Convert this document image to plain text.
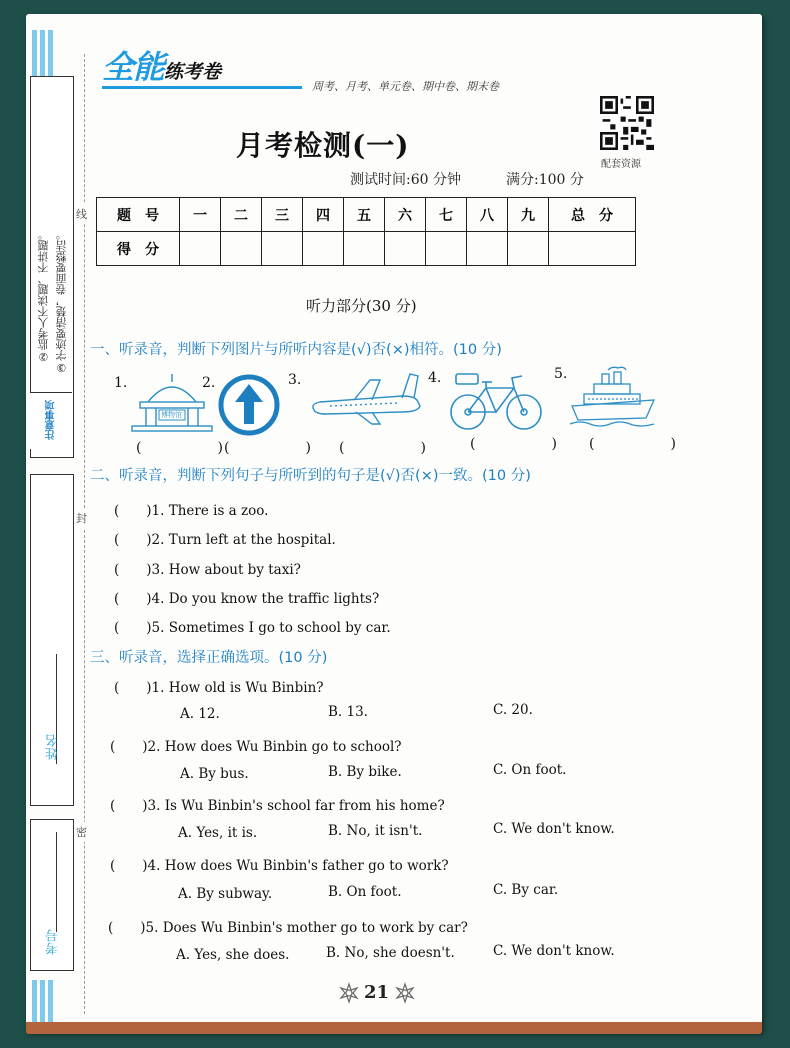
②监考人不读题、不讲题。 ③字迹要清楚，卷面要整洁。
注意事项
姓名
考号
线
封
密
全能练考卷
周考、月考、单元卷、期中卷、期末卷
配套资源
月考检测(一)
测试时间:60 分钟	满分:100 分
题　号	一	二	三	四	五	六	七	八	九	总　分
得　分										
听力部分(30 分)
一、听录音，判断下列图片与所听内容是(√)否(×)相符。(10 分)
1.
博物馆
2.	3.	4.	5.
(　　)
(　　) (　　) (　　) (　　)
二、听录音，判断下列句子与所听到的句子是(√)否(×)一致。(10 分)
(　　)1. There is a zoo.
(　　)2. Turn left at the hospital.
(　　)3. How about by taxi?
(　　)4. Do you know the traffic lights?
(　　)5. Sometimes I go to school by car.
三、听录音，选择正确选项。(10 分)
(　　)1. How old is Wu Binbin?
A. 12.	B. 13.	C. 20.
(　　)2. How does Wu Binbin go to school?
A. By bus.	B. By bike.	C. On foot.
(　　)3. Is Wu Binbin's school far from his home?
A. Yes, it is.	B. No, it isn't.	C. We don't know.
(　　)4. How does Wu Binbin's father go to work?
A. By subway.	B. On foot.	C. By car.
(　　)5. Does Wu Binbin's mother go to work by car?
A. Yes, she does.	B. No, she doesn't.	C. We don't know.
21
